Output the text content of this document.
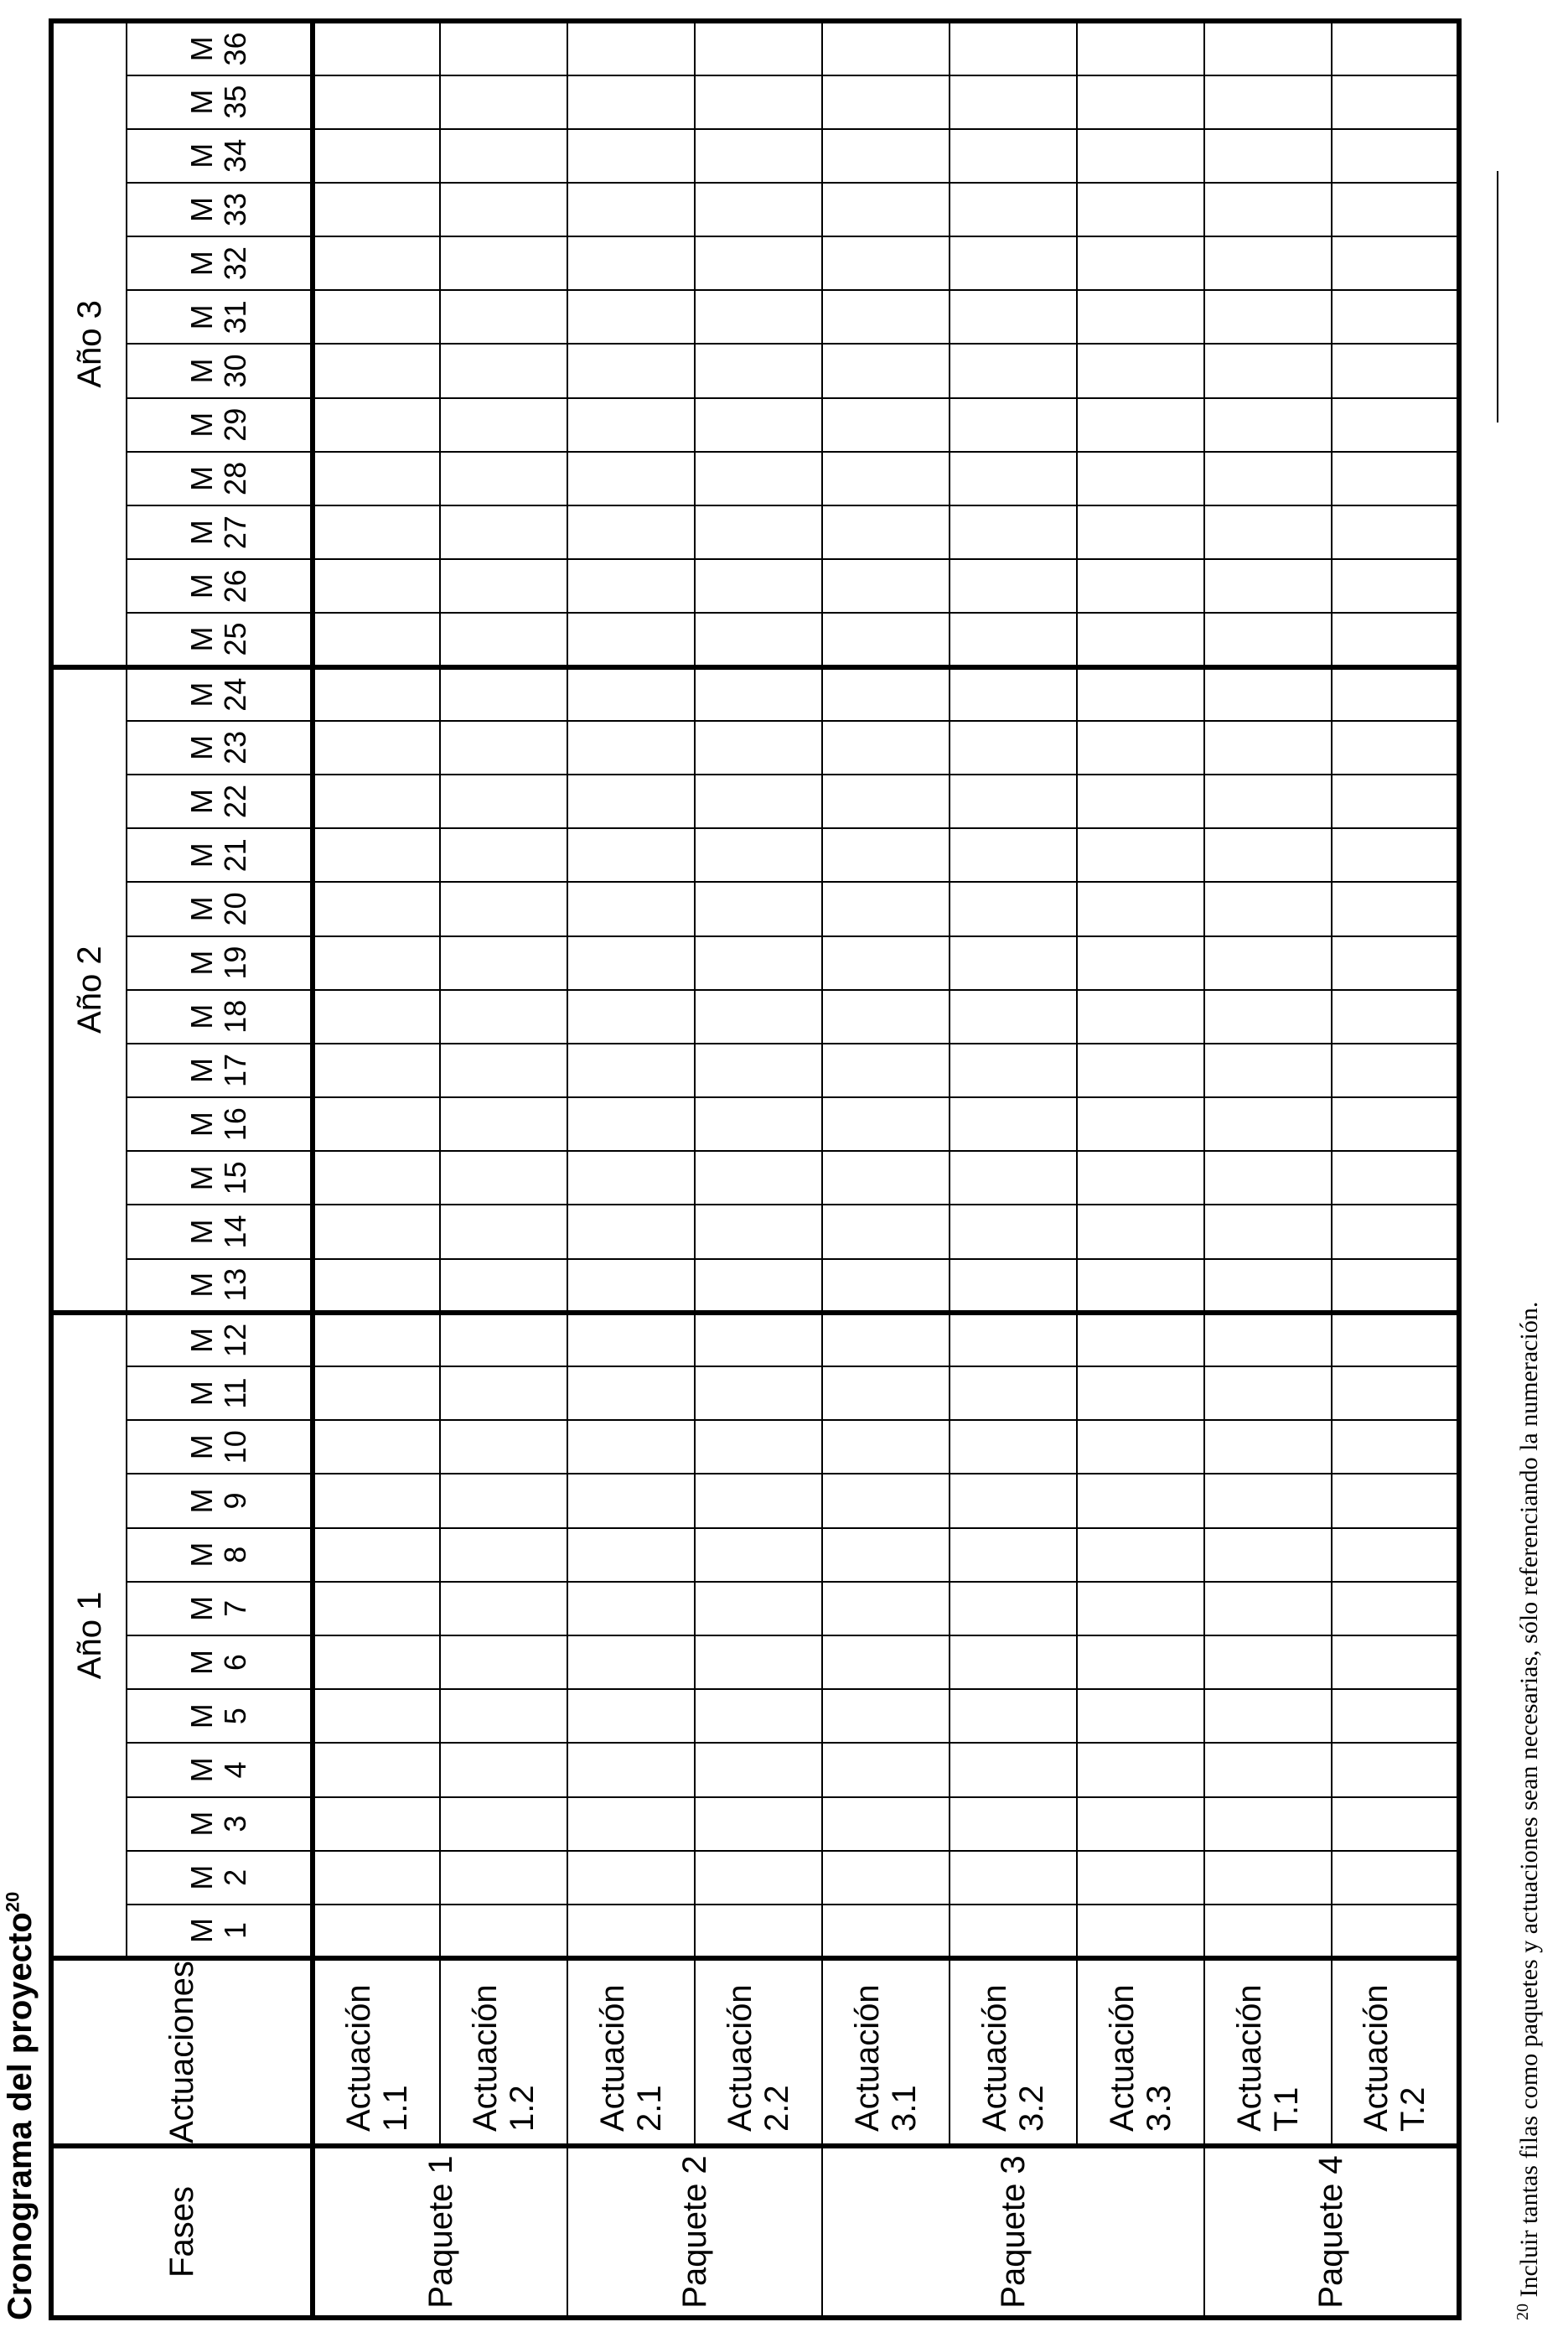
Cronograma del proyecto$^{20}$
Fases	Actuaciones	Año 1												Año 2												Año 3											

		M 1	M 2	M 3	M 4	M 5	M 6	M 7	M 8	M 9	M 10	M 11	M 12	M 13	M 14	M 15	M 16	M 17	M 18	M 19	M 20	M 21	M 22	M 23	M 24	M 25	M 26	M 27	M 28	M 29	M 30	M 31	M 32	M 33	M 34	M 35	M 36

Paquete 1	Actuación 1.1																																				
	Actuación 1.2																																				
Paquete 2	Actuación 2.1																																				
	Actuación 2.2																																				
Paquete 3	Actuación 3.1																																				
	Actuación 3.2																																				
	Actuación 3.3																																				
Paquete 4	Actuación T.1																																				
	Actuación T.2																																				
$^{20}$ Incluir tantas filas como paquetes y actuaciones sean necesarias, sólo referenciando la numeración.
